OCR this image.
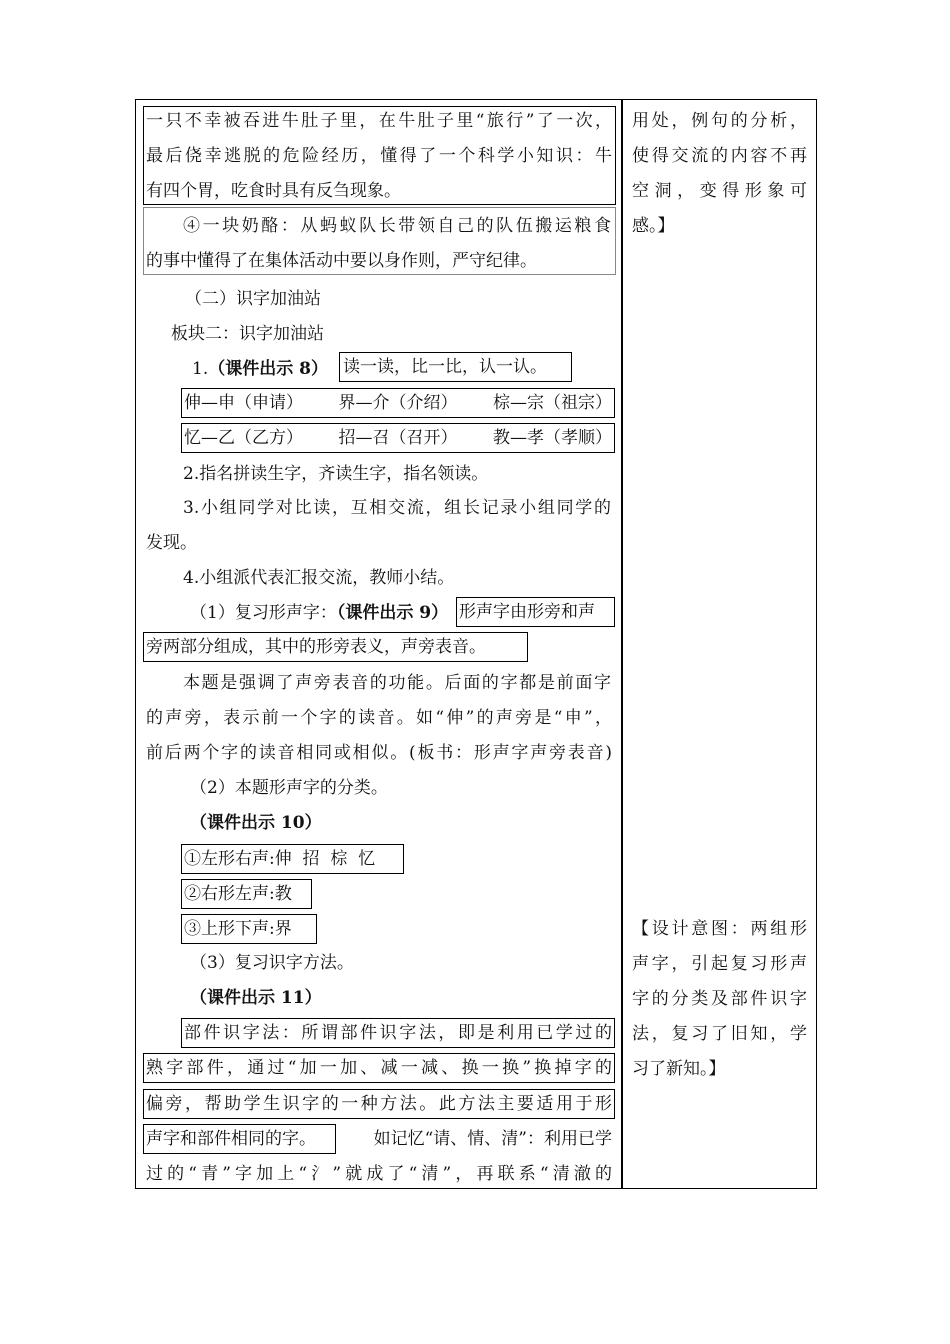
一只不幸被吞进牛肚子里，在牛肚子里“旅行”了一次，
最后侥幸逃脱的危险经历，懂得了一个科学小知识：牛
有四个胃，吃食时具有反刍现象。
④一块奶酪：从蚂蚁队长带领自己的队伍搬运粮食
的事中懂得了在集体活动中要以身作则，严守纪律。
（二）识字加油站
板块二：识字加油站
1.（课件出示 8） 读一读，比一比，认一认。
伸—申（申请） 界—介（介绍） 棕—宗（祖宗）
忆—乙（乙方） 招—召（召开） 教—孝（孝顺）
2.指名拼读生字，齐读生字，指名领读。
3.小组同学对比读，互相交流，组长记录小组同学的
发现。
4.小组派代表汇报交流，教师小结。
（1）复习形声字：（课件出示 9） 形声字由形旁和声
旁两部分组成，其中的形旁表义，声旁表音。
本题是强调了声旁表音的功能。后面的字都是前面字
的声旁，表示前一个字的读音。如“伸”的声旁是“申”，
前后两个字的读音相同或相似。(板书：形声字声旁表音)
（2）本题形声字的分类。
（课件出示 10）
①左形右声:伸  招  棕  忆
②右形左声:教
③上形下声:界
（3）复习识字方法。
（课件出示 11）
部件识字法：所谓部件识字法，即是利用已学过的
熟字部件，通过“加一加、减一减、换一换”换掉字的
偏旁，帮助学生识字的一种方法。此方法主要适用于形
声字和部件相同的字。	如记忆“请、情、清”：利用已学
过的“青”字加上“氵”就成了“清”，再联系“清澈的
用处，例句的分析，
使得交流的内容不再
空洞，变得形象可
感。】
【设计意图：两组形
声字，引起复习形声
字的分类及部件识字
法，复习了旧知，学
习了新知。】
